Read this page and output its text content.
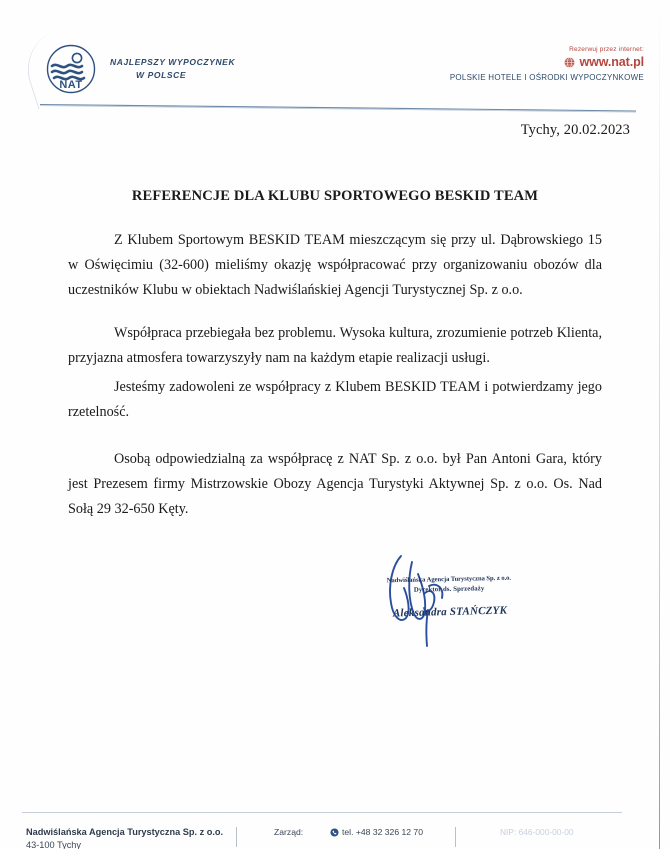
NAT
NAJLEPSZY WYPOCZYNEK
W POLSCE
Rezerwuj przez internet:
www.nat.pl
POLSKIE HOTELE I OŚRODKI WYPOCZYNKOWE
Tychy, 20.02.2023
REFERENCJE DLA KLUBU SPORTOWEGO BESKID TEAM

Z Klubem Sportowym BESKID TEAM mieszczącym się przy ul. Dąbrowskiego 15 w Oświęcimiu (32-600) mieliśmy okazję współpracować przy organizowaniu obozów dla uczestników Klubu w obiektach Nadwiślańskiej Agencji Turystycznej Sp. z o.o.

Współpraca przebiegała bez problemu. Wysoka kultura, zrozumienie potrzeb Klienta, przyjazna atmosfera towarzyszyły nam na każdym etapie realizacji usługi.

Jesteśmy zadowoleni ze współpracy z Klubem BESKID TEAM i potwierdzamy jego rzetelność.

Osobą odpowiedzialną za współpracę z NAT Sp. z o.o. był Pan Antoni Gara, który jest Prezesem firmy Mistrzowskie Obozy Agencja Turystyki Aktywnej Sp. z o.o. Os. Nad Sołą 29 32-650 Kęty.

Nadwiślańska Agencja Turystyczna Sp. z o.o.
Dyrektor ds. Sprzedaży
Aleksandra STAŃCZYK
Nadwiślańska Agencja Turystyczna Sp. z o.o.
43-100 Tychy
Zarząd:	tel. +48 32 326 12 70	NIP: 646-000-00-00
